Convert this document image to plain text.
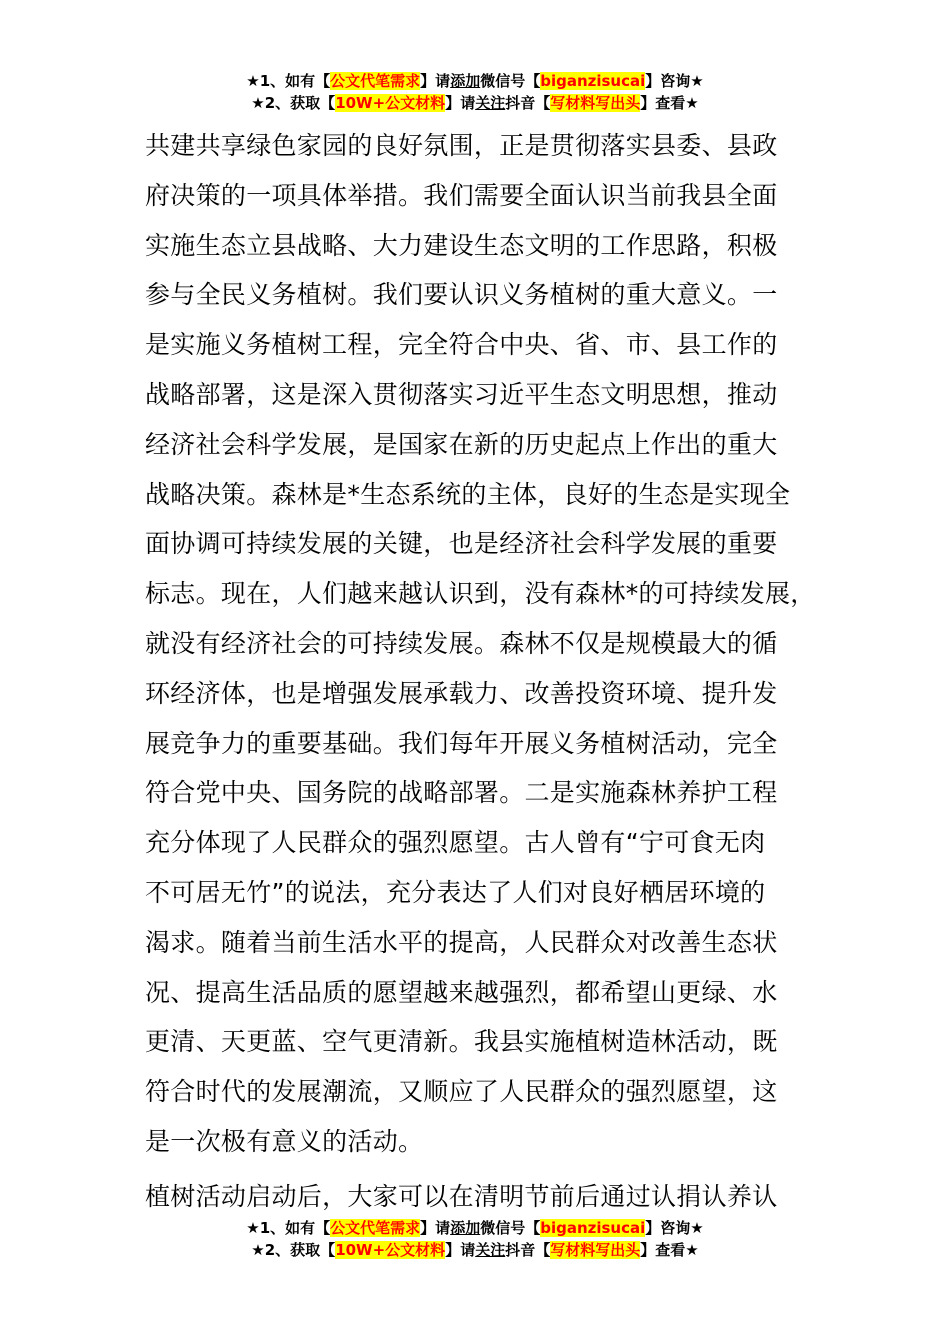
★1、如有【公文代笔需求】请添加微信号【biganzisucai】咨询★
★2、获取【10W+公文材料】请关注抖音【写材料写出头】查看★
共建共享绿色家园的良好氛围，正是贯彻落实县委、县政
府决策的一项具体举措。我们需要全面认识当前我县全面
实施生态立县战略、大力建设生态文明的工作思路，积极
参与全民义务植树。我们要认识义务植树的重大意义。一
是实施义务植树工程，完全符合中央、省、市、县工作的
战略部署，这是深入贯彻落实习近平生态文明思想，推动
经济社会科学发展，是国家在新的历史起点上作出的重大
战略决策。森林是*生态系统的主体，良好的生态是实现全
面协调可持续发展的关键，也是经济社会科学发展的重要
标志。现在，人们越来越认识到，没有森林*的可持续发展，
就没有经济社会的可持续发展。森林不仅是规模最大的循
环经济体，也是增强发展承载力、改善投资环境、提升发
展竞争力的重要基础。我们每年开展义务植树活动，完全
符合党中央、国务院的战略部署。二是实施森林养护工程
充分体现了人民群众的强烈愿望。古人曾有“宁可食无肉
不可居无竹”的说法，充分表达了人们对良好栖居环境的
渴求。随着当前生活水平的提高，人民群众对改善生态状
况、提高生活品质的愿望越来越强烈，都希望山更绿、水
更清、天更蓝、空气更清新。我县实施植树造林活动，既
符合时代的发展潮流，又顺应了人民群众的强烈愿望，这
是一次极有意义的活动。
植树活动启动后，大家可以在清明节前后通过认捐认养认
★1、如有【公文代笔需求】请添加微信号【biganzisucai】咨询★
★2、获取【10W+公文材料】请关注抖音【写材料写出头】查看★
